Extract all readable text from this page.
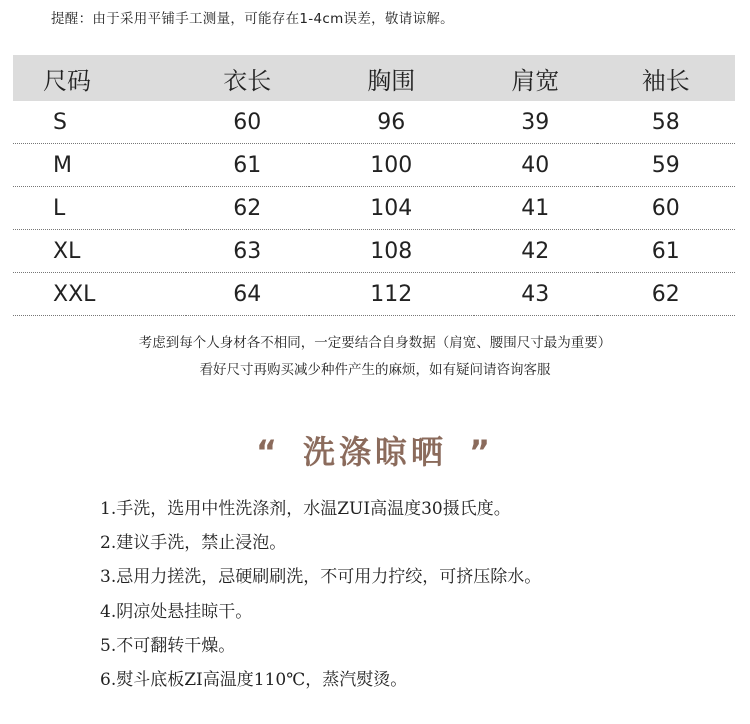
提醒：由于采用平铺手工测量，可能存在1-4cm误差，敬请谅解。
尺码	衣长	胸围	肩宽	袖长
S	60	96	39	58
M	61	100	40	59
L	62	104	41	60
XL	63	108	42	61
XXL	64	112	43	62
考虑到每个人身材各不相同，一定要结合自身数据（肩宽、腰围尺寸最为重要）
看好尺寸再购买减少种件产生的麻烦，如有疑问请咨询客服
“ 洗涤晾晒 ”
1.手洗，选用中性洗涤剂，水温ZUI高温度30摄氏度。
2.建议手洗，禁止浸泡。
3.忌用力搓洗，忌硬刷刷洗，不可用力拧绞，可挤压除水。
4.阴凉处悬挂晾干。
5.不可翻转干燥。
6.熨斗底板ZI高温度110℃，蒸汽熨烫。
